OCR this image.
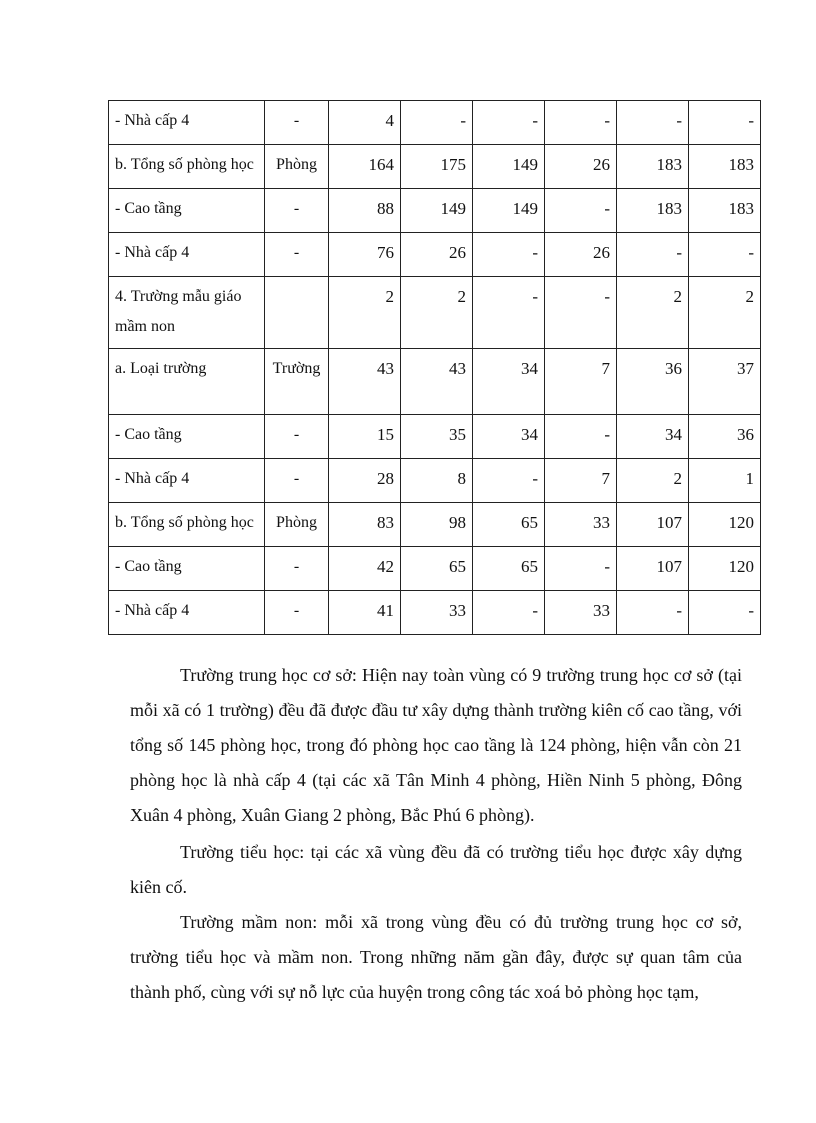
- Nhà cấp 4	-	4	-	-	-	-	-
b. Tổng số phòng học	Phòng	164	175	149	26	183	183
- Cao tầng	-	88	149	149	-	183	183
- Nhà cấp 4	-	76	26	-	26	-	-
4. Trường mẫu giáo mầm non		2	2	-	-	2	2
a. Loại trường	Trường	43	43	34	7	36	37
- Cao tầng	-	15	35	34	-	34	36
- Nhà cấp 4	-	28	8	-	7	2	1
b. Tổng số phòng học	Phòng	83	98	65	33	107	120
- Cao tầng	-	42	65	65	-	107	120
- Nhà cấp 4	-	41	33	-	33	-	-

Trường trung học cơ sở: Hiện nay toàn vùng có 9 trường trung học cơ sở (tại mỗi xã có 1 trường) đều đã được đầu tư xây dựng thành trường kiên cố cao tầng, với tổng số 145 phòng học, trong đó phòng học cao tầng là 124 phòng, hiện vẫn còn 21 phòng học là nhà cấp 4 (tại các xã Tân Minh 4 phòng, Hiền Ninh 5 phòng, Đông Xuân 4 phòng, Xuân Giang 2 phòng, Bắc Phú 6 phòng).

Trường tiểu học: tại các xã vùng đều đã có trường tiểu học được xây dựng kiên cố.

Trường mầm non: mỗi xã trong vùng đều có đủ trường trung học cơ sở, trường tiểu học và mầm non. Trong những năm gần đây, được sự quan tâm của thành phố, cùng với sự nỗ lực của huyện trong công tác xoá bỏ phòng học tạm,
